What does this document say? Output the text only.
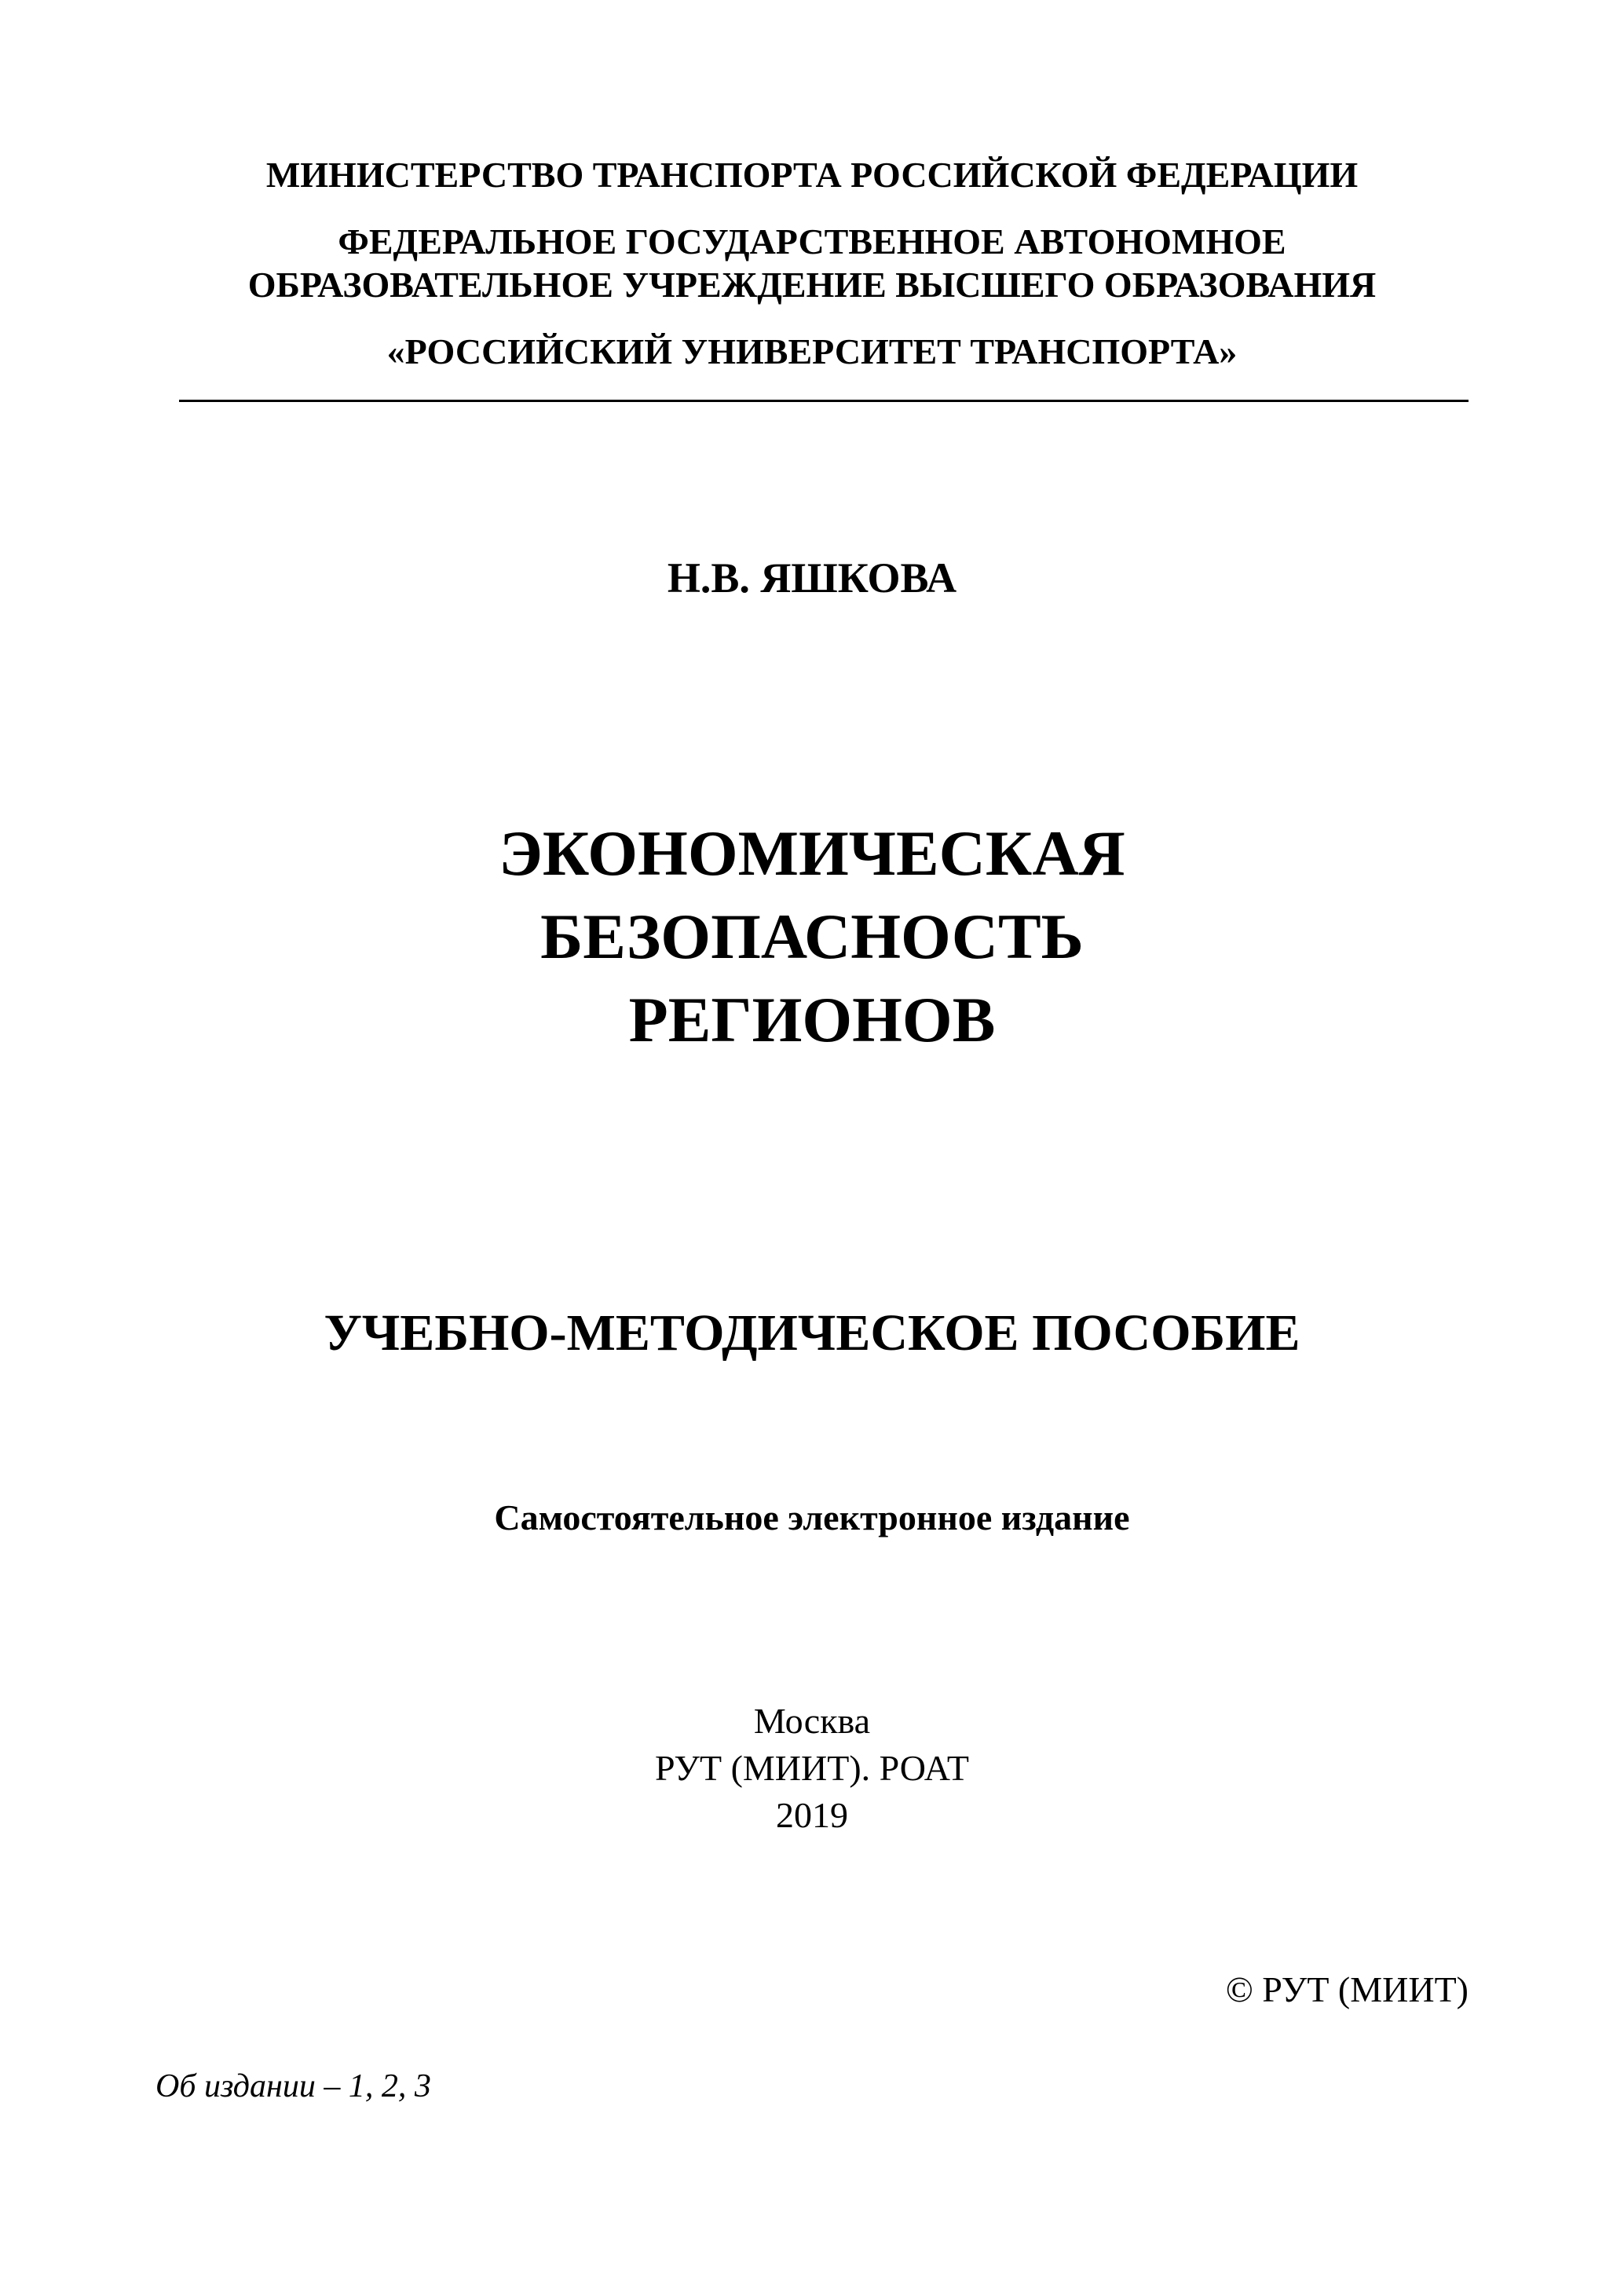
МИНИСТЕРСТВО ТРАНСПОРТА РОССИЙСКОЙ ФЕДЕРАЦИИ
ФЕДЕРАЛЬНОЕ ГОСУДАРСТВЕННОЕ АВТОНОМНОЕ
ОБРАЗОВАТЕЛЬНОЕ УЧРЕЖДЕНИЕ ВЫСШЕГО ОБРАЗОВАНИЯ
«РОССИЙСКИЙ УНИВЕРСИТЕТ ТРАНСПОРТА»
Н.В. ЯШКОВА
ЭКОНОМИЧЕСКАЯ
БЕЗОПАСНОСТЬ
РЕГИОНОВ
УЧЕБНО-МЕТОДИЧЕСКОЕ ПОСОБИЕ
Самостоятельное электронное издание
Москва
РУТ (МИИТ). РОАТ
2019
© РУТ (МИИТ)
Об издании – 1, 2, 3
